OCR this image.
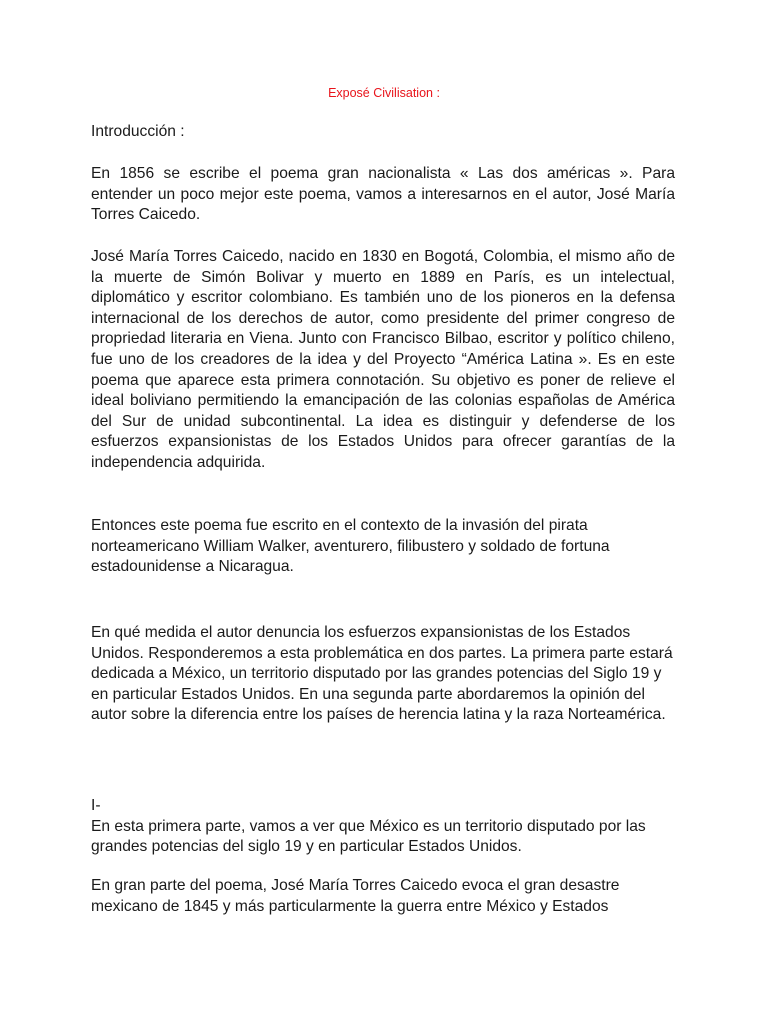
Exposé Civilisation :
Introducción :
En 1856 se escribe el poema gran nacionalista « Las dos américas ». Para entender un poco mejor este poema, vamos a interesarnos en el autor, José María Torres Caicedo.
José María Torres Caicedo, nacido en 1830 en Bogotá, Colombia, el mismo año de la muerte de Simón Bolivar y muerto en 1889 en París, es un intelectual, diplomático y escritor colombiano. Es también uno de los pioneros en la defensa internacional de los derechos de autor, como presidente del primer congreso de propriedad literaria en Viena. Junto con Francisco Bilbao, escritor y político chileno, fue uno de los creadores de la idea y del Proyecto “América Latina ». Es en este poema que aparece esta primera connotación. Su objetivo es poner de relieve el ideal boliviano permitiendo la emancipación de las colonias españolas de América del Sur de unidad subcontinental. La idea es distinguir y defenderse de los esfuerzos expansionistas de los Estados Unidos para ofrecer garantías de la independencia adquirida.
Entonces este poema fue escrito en el contexto de la invasión del pirata norteamericano William Walker, aventurero, filibustero y soldado de fortuna estadounidense a Nicaragua.
En qué medida el autor denuncia los esfuerzos expansionistas de los Estados Unidos. Responderemos a esta problemática en dos partes. La primera parte estará dedicada a México, un territorio disputado por las grandes potencias del Siglo 19 y en particular Estados Unidos. En una segunda parte abordaremos la opinión del autor sobre la diferencia entre los países de herencia latina y la raza Norteamérica.
I-
En esta primera parte, vamos a ver que México es un territorio disputado por las grandes potencias del siglo 19 y en particular Estados Unidos.
En gran parte del poema, José María Torres Caicedo evoca el gran desastre mexicano de 1845 y más particularmente la guerra entre México y Estados
